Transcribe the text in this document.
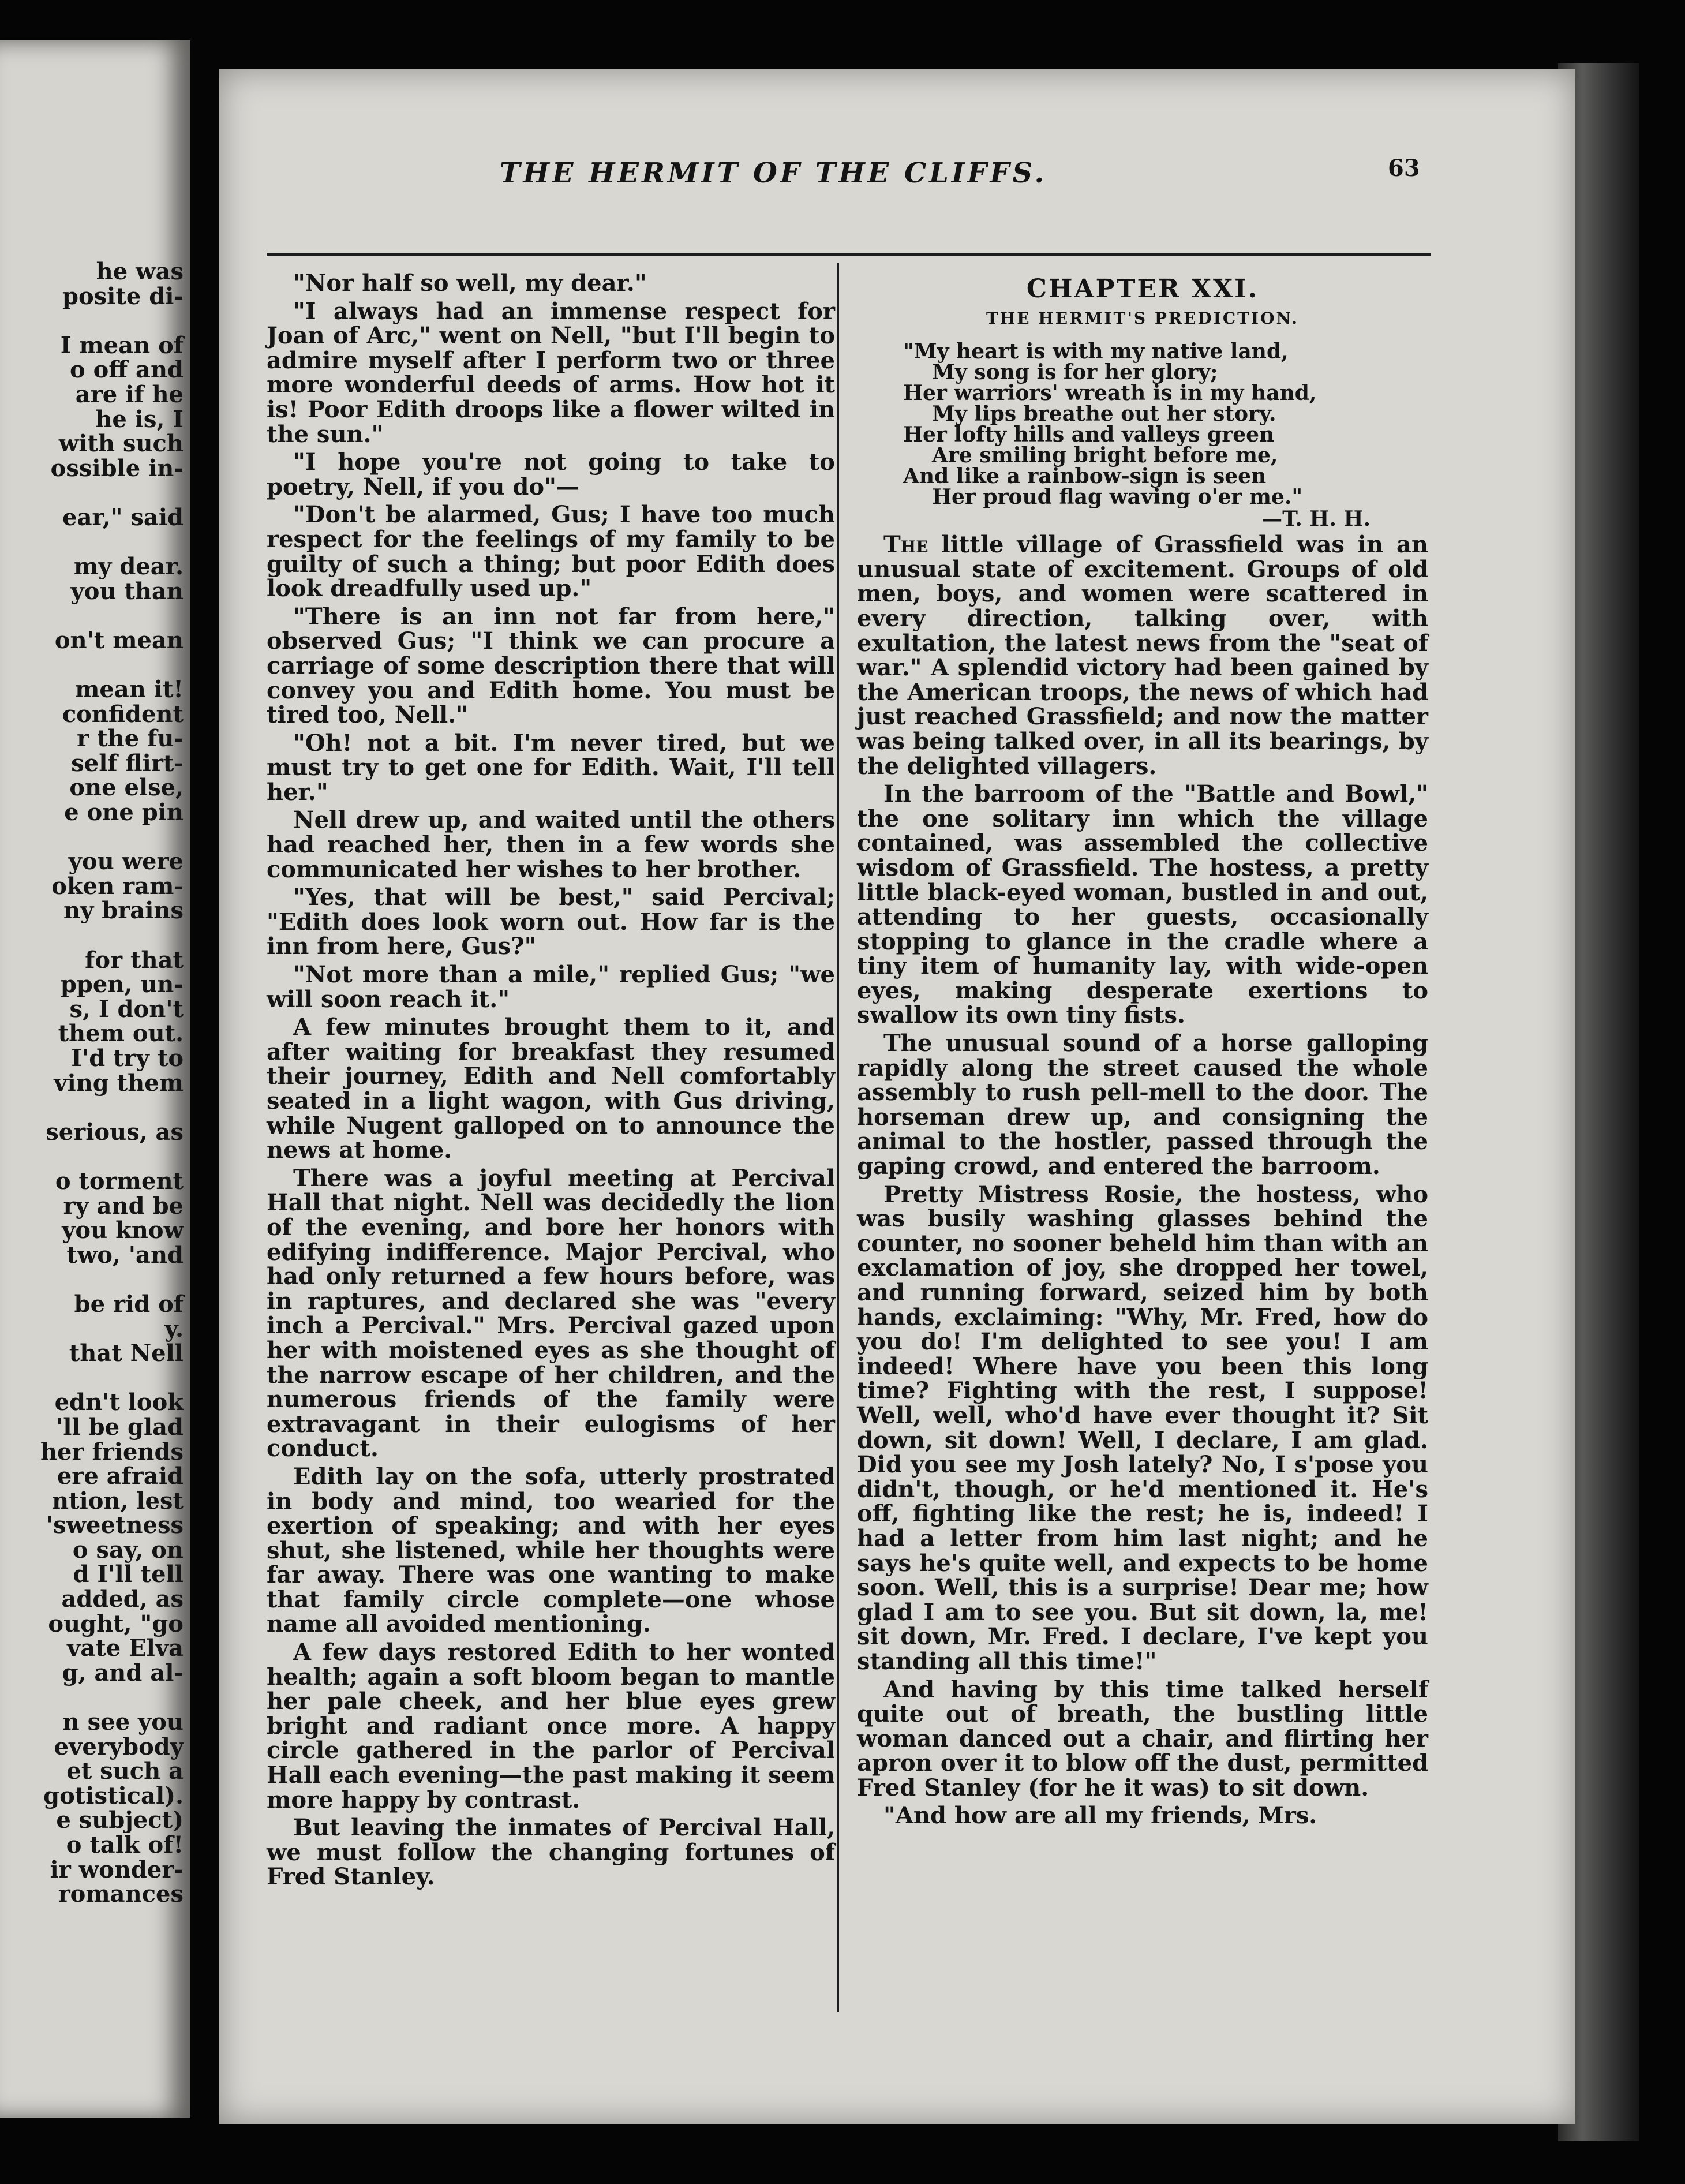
he was
posite di-

I mean of
o off and
are if he
he is, I
with such
ossible in-

ear," said

my dear.
you than

on't mean

mean it!
confident
r the fu-
self flirt-
one else,
e one pin

you were
oken ram-
ny brains

for that
ppen, un-
s, I don't
them out.
I'd try to
ving them

serious, as

o torment
ry and be
you know
two, 'and

be rid of
y.
that Nell

edn't look
'll be glad
her friends
ere afraid
ntion, lest
'sweetness
o say, on
d I'll tell
added, as
ought, "go
vate Elva
g, and al-

n see you
everybody
et such a
gotistical).
e subject)
o talk of!
ir wonder-
romances
THE HERMIT OF THE CLIFFS.	63

"Nor half so well, my dear."

"I always had an immense respect for Joan of Arc," went on Nell, "but I'll begin to admire myself after I perform two or three more wonderful deeds of arms. How hot it is! Poor Edith droops like a flower wilted in the sun."

"I hope you're not going to take to poetry, Nell, if you do"—

"Don't be alarmed, Gus; I have too much respect for the feelings of my family to be guilty of such a thing; but poor Edith does look dreadfully used up."

"There is an inn not far from here," observed Gus; "I think we can procure a carriage of some description there that will convey you and Edith home. You must be tired too, Nell."

"Oh! not a bit. I'm never tired, but we must try to get one for Edith. Wait, I'll tell her."

Nell drew up, and waited until the others had reached her, then in a few words she communicated her wishes to her brother.

"Yes, that will be best," said Percival; "Edith does look worn out. How far is the inn from here, Gus?"

"Not more than a mile," replied Gus; "we will soon reach it."

A few minutes brought them to it, and after waiting for breakfast they resumed their journey, Edith and Nell comfortably seated in a light wagon, with Gus driving, while Nugent galloped on to announce the news at home.

There was a joyful meeting at Percival Hall that night. Nell was decidedly the lion of the evening, and bore her honors with edifying indifference. Major Percival, who had only returned a few hours before, was in raptures, and declared she was "every inch a Percival." Mrs. Percival gazed upon her with moistened eyes as she thought of the narrow escape of her children, and the numerous friends of the family were extravagant in their eulogisms of her conduct.

Edith lay on the sofa, utterly prostrated in body and mind, too wearied for the exertion of speaking; and with her eyes shut, she listened, while her thoughts were far away. There was one wanting to make that family circle complete—one whose name all avoided mentioning.

A few days restored Edith to her wonted health; again a soft bloom began to mantle her pale cheek, and her blue eyes grew bright and radiant once more. A happy circle gathered in the parlor of Percival Hall each evening—the past making it seem more happy by contrast.

But leaving the inmates of Percival Hall, we must follow the changing fortunes of Fred Stanley.

CHAPTER XXI.
THE HERMIT'S PREDICTION.
"My heart is with my native land,
My song is for her glory;
Her warriors' wreath is in my hand,
My lips breathe out her story.
Her lofty hills and valleys green
Are smiling bright before me,
And like a rainbow-sign is seen
Her proud flag waving o'er me."
—T. H. H.

The little village of Grassfield was in an unusual state of excitement. Groups of old men, boys, and women were scattered in every direction, talking over, with exultation, the latest news from the "seat of war." A splendid victory had been gained by the American troops, the news of which had just reached Grassfield; and now the matter was being talked over, in all its bearings, by the delighted villagers.

In the barroom of the "Battle and Bowl," the one solitary inn which the village contained, was assembled the collective wisdom of Grassfield. The hostess, a pretty little black-eyed woman, bustled in and out, attending to her guests, occasionally stopping to glance in the cradle where a tiny item of humanity lay, with wide-open eyes, making desperate exertions to swallow its own tiny fists.

The unusual sound of a horse galloping rapidly along the street caused the whole assembly to rush pell-mell to the door. The horseman drew up, and consigning the animal to the hostler, passed through the gaping crowd, and entered the barroom.

Pretty Mistress Rosie, the hostess, who was busily washing glasses behind the counter, no sooner beheld him than with an exclamation of joy, she dropped her towel, and running forward, seized him by both hands, exclaiming: "Why, Mr. Fred, how do you do! I'm delighted to see you! I am indeed! Where have you been this long time? Fighting with the rest, I suppose! Well, well, who'd have ever thought it? Sit down, sit down! Well, I declare, I am glad. Did you see my Josh lately? No, I s'pose you didn't, though, or he'd mentioned it. He's off, fighting like the rest; he is, indeed! I had a letter from him last night; and he says he's quite well, and expects to be home soon. Well, this is a surprise! Dear me; how glad I am to see you. But sit down, la, me! sit down, Mr. Fred. I declare, I've kept you standing all this time!"

And having by this time talked herself quite out of breath, the bustling little woman danced out a chair, and flirting her apron over it to blow off the dust, permitted Fred Stanley (for he it was) to sit down.

"And how are all my friends, Mrs.
